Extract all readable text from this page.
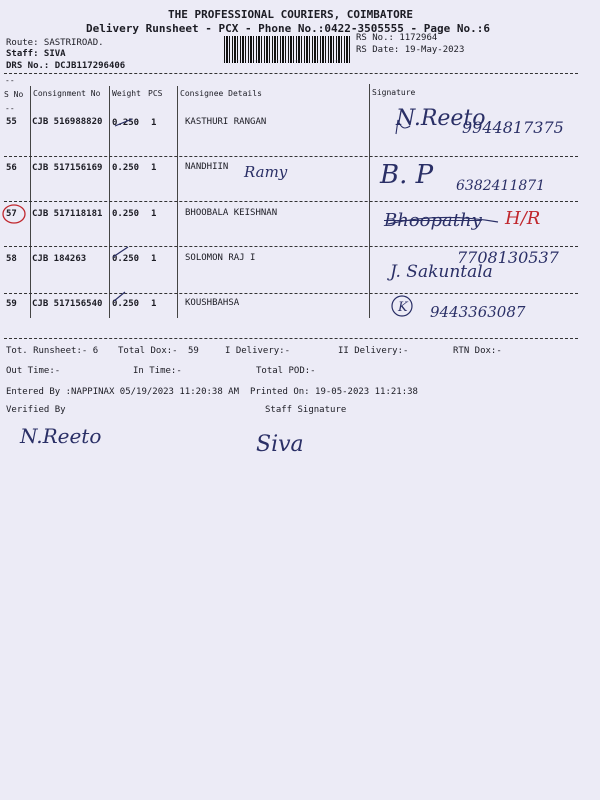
THE PROFESSIONAL COURIERS, COIMBATORE
Delivery Runsheet - PCX - Phone No.:0422-3505555 - Page No.:6
Route: SASTRIROAD.
Staff: SIVA
DRS No.: DCJB117296406
RS No.: 1172964
RS Date: 19-May-2023
--
S No Consignment No Weight PCS Consignee Details	Signature
--
55 CJB 516988820 0.250 1	KASTHURI RANGAN	N.Reeto
9944817375
56 CJB 517156169 0.250 1	NANDHIIN Ramy	B. P 6382411871
57 CJB 517118181 0.250 1	BHOOBALA KEISHNAN	Bhoopathy H/R
58 CJB 184263	0.250 1	SOLOMON RAJ I	7708130537
J. Sakuntala
59 CJB 517156540 0.250 1	KOUSHBAHSA	K 9443363087
Tot. Runsheet:- 6 Total Dox:- 59	I Delivery:-	II Delivery:-	RTN Dox:-
Out Time:-	In Time:-	Total POD:-
Entered By :NAPPINAX 05/19/2023 11:20:38 AM Printed On: 19-05-2023 11:21:38
Verified By	Staff Signature
N.Reeto	Siva
